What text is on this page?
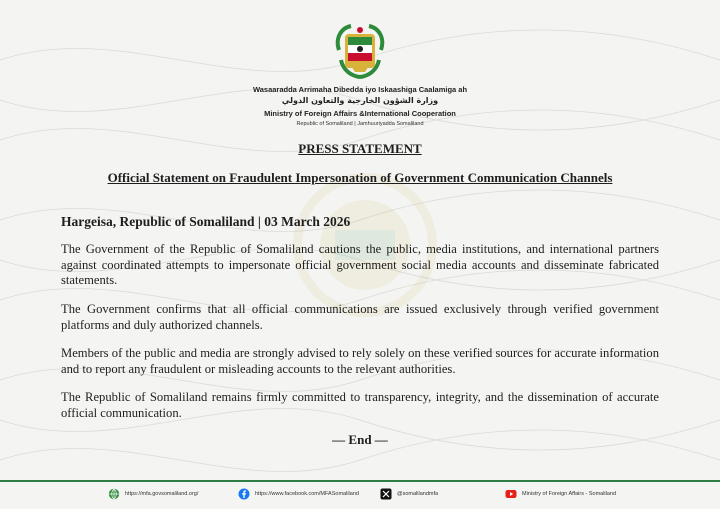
Wasaaradda Arrimaha Dibedda iyo Iskaashiga Caalamiga ah
وزارة الشؤون الخارجية والتعاون الدولي
Ministry of Foreign Affairs &International Cooperation
Republic of Somaliland | Jamhuuriyadda Somaliland
PRESS STATEMENT
Official Statement on Fraudulent Impersonation of Government Communication Channels
Hargeisa, Republic of Somaliland | 03 March 2026

The Government of the Republic of Somaliland cautions the public, media institutions, and international partners against coordinated attempts to impersonate official government social media accounts and disseminate fabricated statements.

The Government confirms that all official communications are issued exclusively through verified government platforms and duly authorized channels.

Members of the public and media are strongly advised to rely solely on these verified sources for accurate information and to report any fraudulent or misleading accounts to the relevant authorities.

The Republic of Somaliland remains firmly committed to transparency, integrity, and the dissemination of accurate official communication.

— End —
https://mfa.govsomaliland.org/	https://www.facebook.com/MFASomaliland	@somalilandmfa	Ministry of Foreign Affairs - Somaliland
